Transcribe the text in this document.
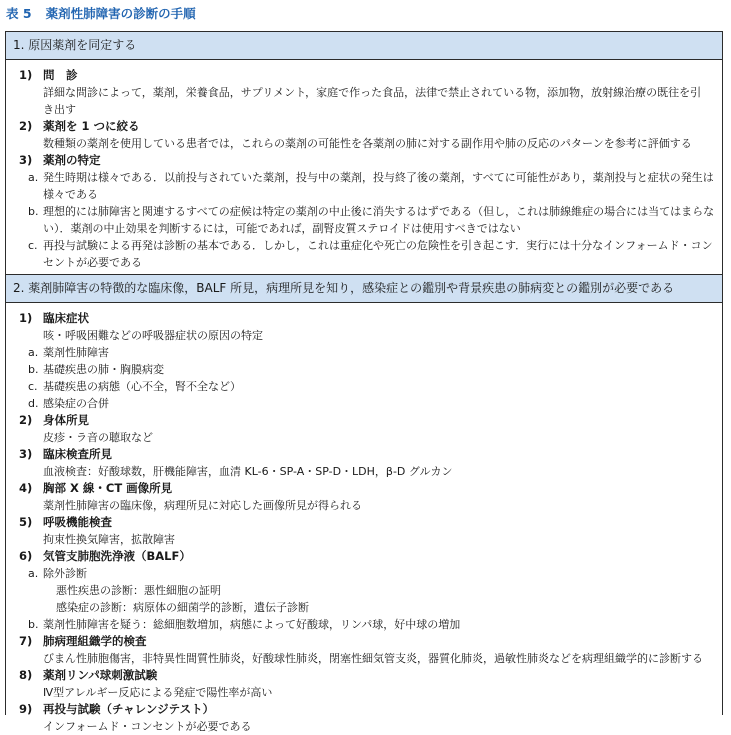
表 5 薬剤性肺障害の診断の手順
1. 原因薬剤を同定する
1) 問　診
詳細な問診によって，薬剤，栄養食品，サプリメント，家庭で作った食品，法律で禁止されている物，添加物，放射線治療の既往を引
き出す
2) 薬剤を 1 つに絞る
数種類の薬剤を使用している患者では，これらの薬剤の可能性を各薬剤の肺に対する副作用や肺の反応のパターンを参考に評価する
3) 薬剤の特定
a. 発生時期は様々である．以前投与されていた薬剤，投与中の薬剤，投与終了後の薬剤，すべてに可能性があり，薬剤投与と症状の発生は様々である
b. 理想的には肺障害と関連するすべての症候は特定の薬剤の中止後に消失するはずである（但し，これは肺線維症の場合には当てはまらない）．薬剤の中止効果を判断するには，可能であれば，副腎皮質ステロイドは使用すべきではない
c. 再投与試験による再発は診断の基本である．しかし，これは重症化や死亡の危険性を引き起こす．実行には十分なインフォームド・コンセントが必要である
2. 薬剤肺障害の特徴的な臨床像，BALF 所見，病理所見を知り，感染症との鑑別や背景疾患の肺病変との鑑別が必要である
1) 臨床症状
咳・呼吸困難などの呼吸器症状の原因の特定
a. 薬剤性肺障害
b. 基礎疾患の肺・胸膜病変
c. 基礎疾患の病態（心不全，腎不全など）
d. 感染症の合併
2) 身体所見
皮疹・ラ音の聴取など
3) 臨床検査所見
血液検査：好酸球数，肝機能障害，血清 KL-6・SP-A・SP-D・LDH，β-D グルカン
4) 胸部 X 線・CT 画像所見
薬剤性肺障害の臨床像，病理所見に対応した画像所見が得られる
5) 呼吸機能検査
拘束性換気障害，拡散障害
6) 気管支肺胞洗浄液（BALF）
a. 除外診断
悪性疾患の診断：悪性細胞の証明
感染症の診断：病原体の細菌学的診断，遺伝子診断
b. 薬剤性肺障害を疑う：総細胞数増加，病態によって好酸球，リンパ球，好中球の増加
7) 肺病理組織学的検査
びまん性肺胞傷害，非特異性間質性肺炎，好酸球性肺炎，閉塞性細気管支炎，器質化肺炎，過敏性肺炎などを病理組織学的に診断する
8) 薬剤リンパ球刺激試験
Ⅳ型アレルギー反応による発症で陽性率が高い
9) 再投与試験（チャレンジテスト）
インフォームド・コンセントが必要である
